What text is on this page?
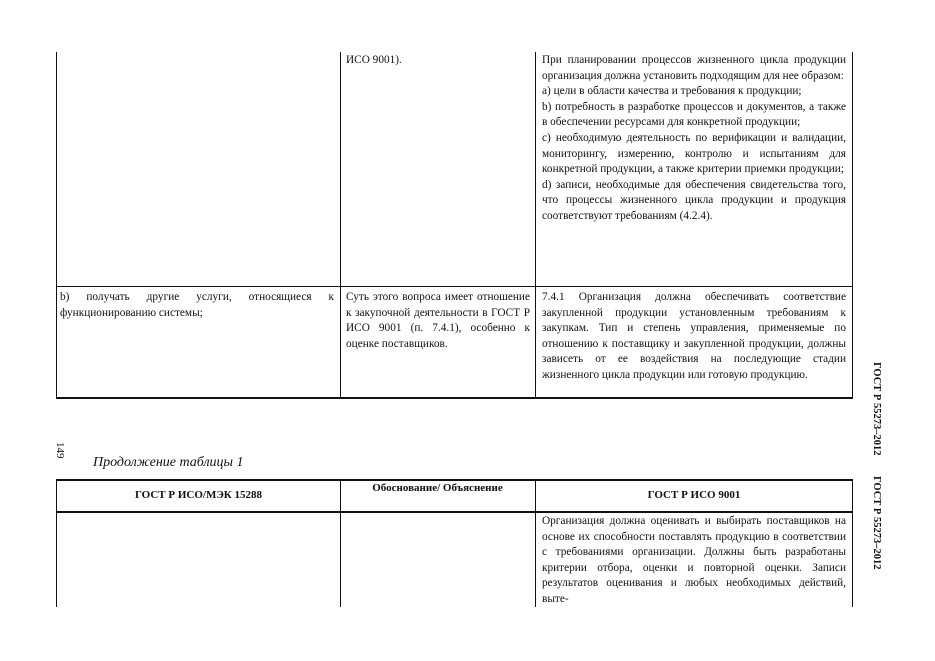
ИСО 9001).	При планировании процессов жизненного цикла продукции организация должна установить подходящим для нее образом:

а) цели в области качества и требования к продукции;

b) потребность в разработке процессов и документов, а также в обеспечении ресурсами для конкретной продукции;

c) необходимую деятельность по верификации и валидации, мониторингу, измерению, контролю и испытаниям для конкретной продукции, а также критерии приемки продукции;

d) записи, необходимые для обеспечения свидетельства того, что процессы жизненного цикла продукции и продукция соответствуют требованиям (4.2.4).

b) получать другие услуги, относящиеся к функционированию системы;
Суть этого вопроса имеет отношение к закупочной деятельности в ГОСТ Р ИСО 9001 (п. 7.4.1), особенно к оценке поставщиков.
7.4.1 Организация должна обеспечивать соответствие закупленной продукции установленным требованиям к закупкам. Тип и степень управления, применяемые по отношению к поставщику и закупленной продукции, должны зависеть от ее воздействия на последующие стадии жизненного цикла продукции или готовую продукцию.
149
Продолжение таблицы 1
ГОСТ Р ИСО/МЭК 15288
Обоснование/ Объяснение
ГОСТ Р ИСО 9001
Организация должна оценивать и выбирать поставщиков на основе их способности поставлять продукцию в соответствии с требованиями организации. Должны быть разработаны критерии отбора, оценки и повторной оценки. Записи результатов оценивания и любых необходимых действий, выте-
ГОСТ Р 55273–2012
ГОСТ Р 55273–2012
